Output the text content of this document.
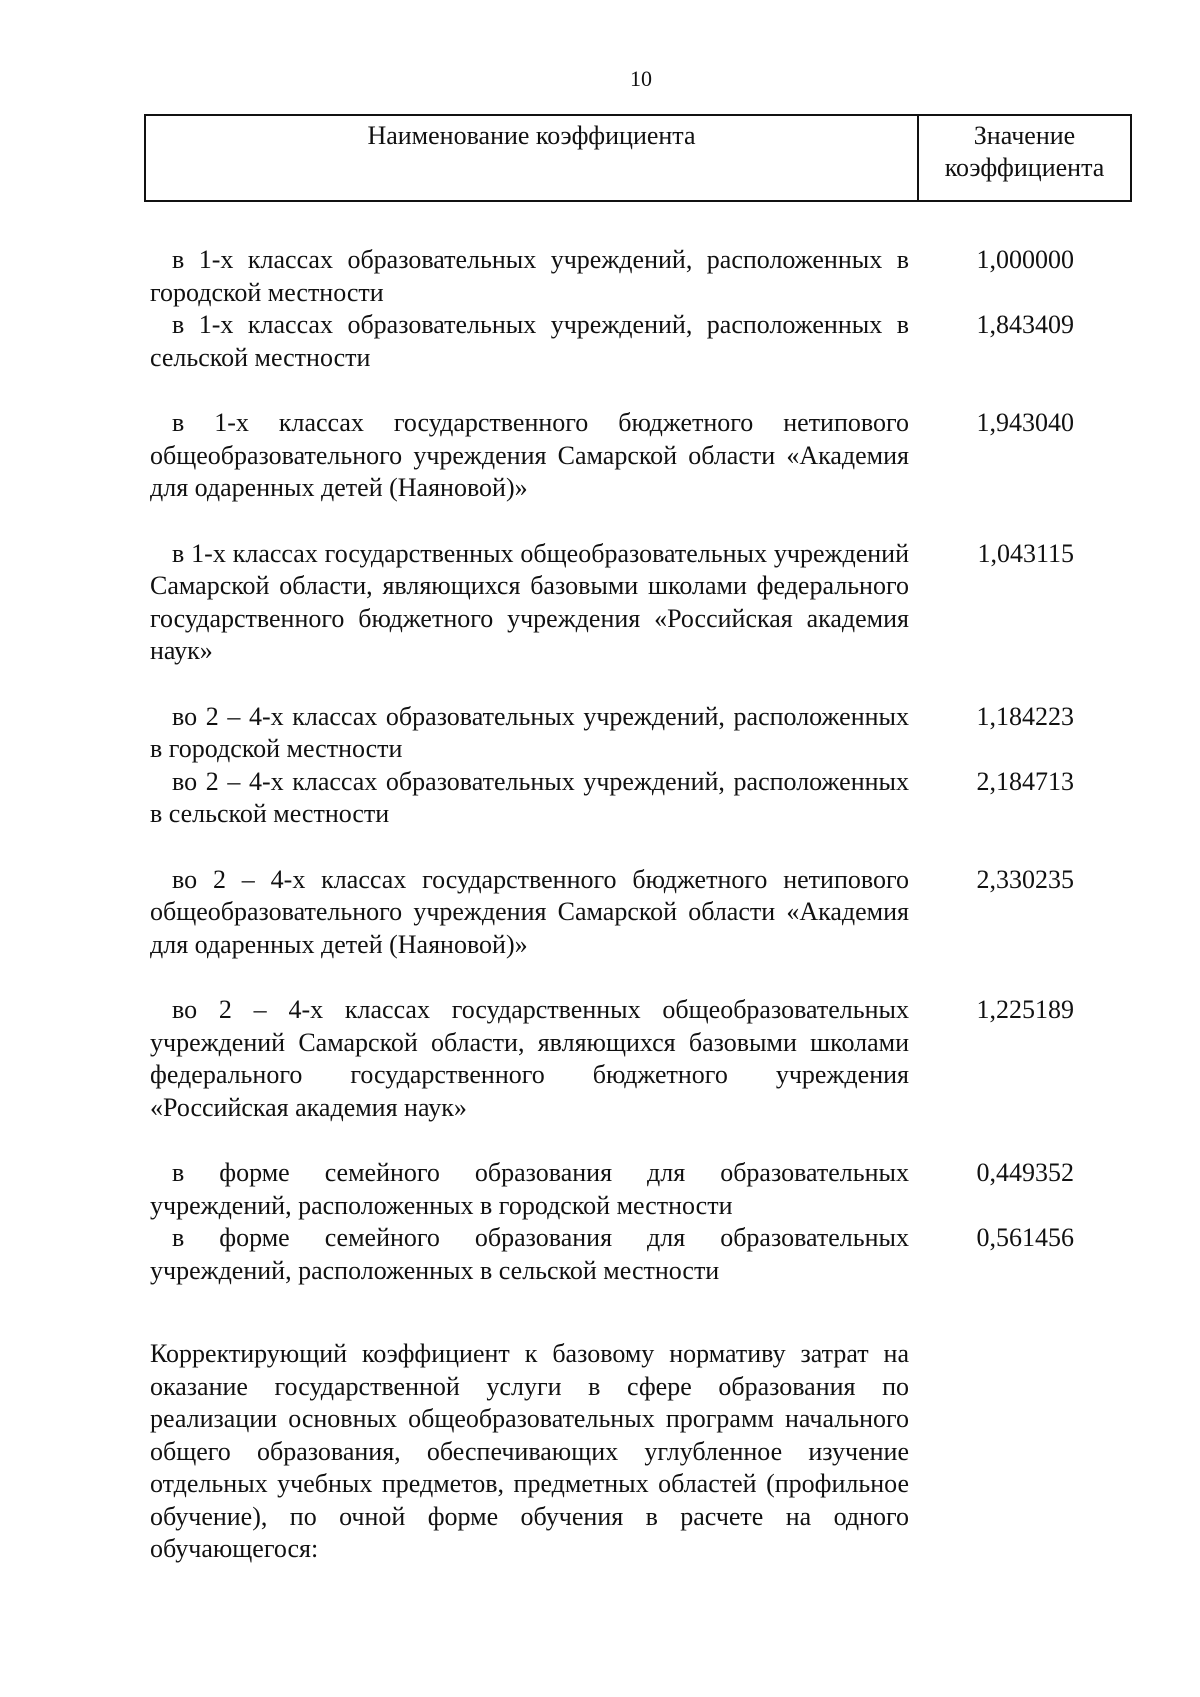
10
Наименование коэффициента	Значение
коэффициента
в 1-х классах образовательных учреждений, расположенных в городской местности
1,000000
в 1-х классах образовательных учреждений, расположенных в сельской местности
1,843409
в 1-х классах государственного бюджетного нетипового общеобразовательного учреждения Самарской области «Академия для одаренных детей (Наяновой)»
1,943040
в 1-х классах государственных общеобразовательных учреждений Самарской области, являющихся базовыми школами федерального государственного бюджетного учреждения «Российская академия наук»
1,043115
во 2 – 4-х классах образовательных учреждений, расположенных в городской местности
1,184223
во 2 – 4-х классах образовательных учреждений, расположенных в сельской местности
2,184713
во 2 – 4-х классах государственного бюджетного нетипового общеобразовательного учреждения Самарской области «Академия для одаренных детей (Наяновой)»
2,330235
во 2 – 4-х классах государственных общеобразовательных учреждений Самарской области, являющихся базовыми школами федерального государственного бюджетного учреждения «Российская академия наук»
1,225189
в форме семейного образования для образовательных учреждений, расположенных в городской местности
0,449352
в форме семейного образования для образовательных учреждений, расположенных в сельской местности
0,561456
Корректирующий коэффициент к базовому нормативу затрат на оказание государственной услуги в сфере образования по реализации основных общеобразовательных программ начального общего образования, обеспечивающих углубленное изучение отдельных учебных предметов, предметных областей (профильное обучение), по очной форме обучения в расчете на одного обучающегося:
